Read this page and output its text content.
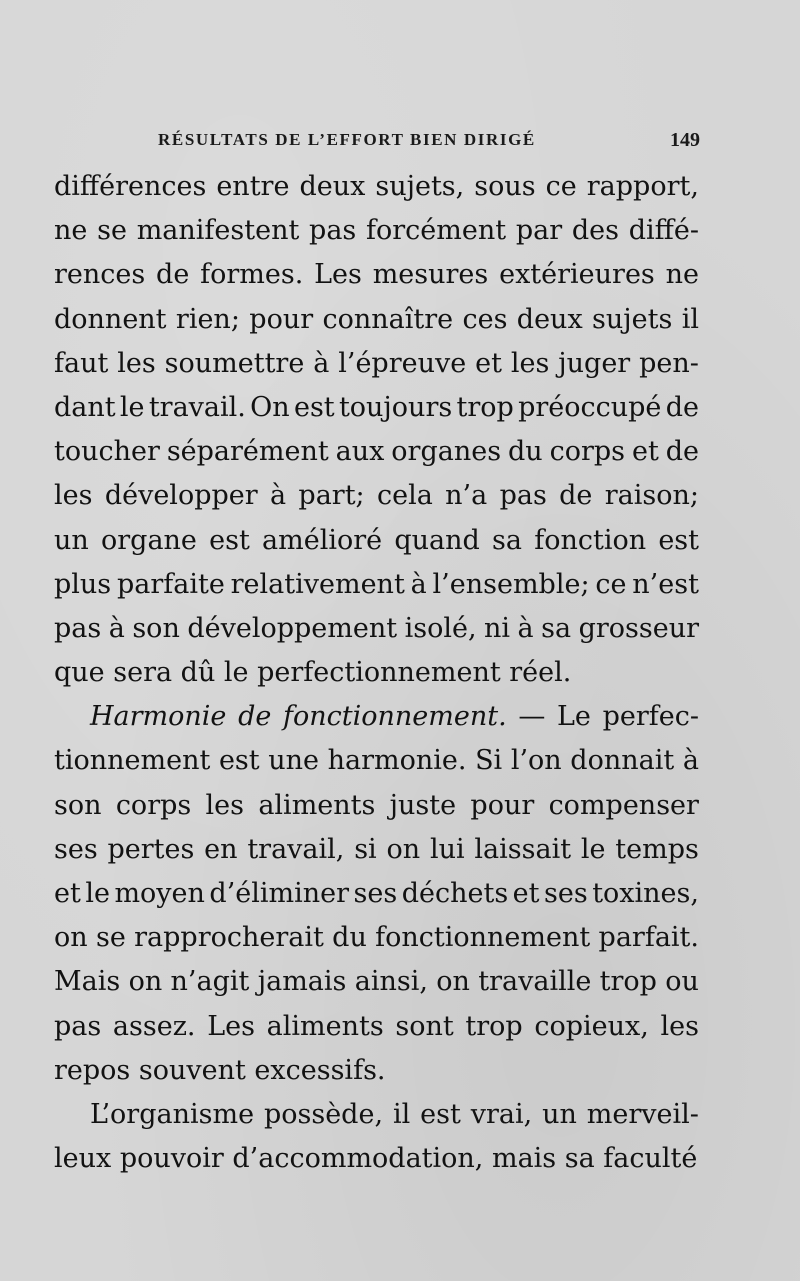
RÉSULTATS DE L’EFFORT BIEN DIRIGÉ	149
différences entre deux sujets, sous ce rapport,
ne se manifestent pas forcément par des diffé-
rences de formes. Les mesures extérieures ne
donnent rien; pour connaître ces deux sujets il
faut les soumettre à l’épreuve et les juger pen-
dant le travail. On est toujours trop préoccupé de
toucher séparément aux organes du corps et de
les développer à part; cela n’a pas de raison;
un organe est amélioré quand sa fonction est
plus parfaite relativement à l’ensemble; ce n’est
pas à son développement isolé, ni à sa grosseur
que sera dû le perfectionnement réel.
Harmonie de fonctionnement. — Le perfec-
tionnement est une harmonie. Si l’on donnait à
son corps les aliments juste pour compenser
ses pertes en travail, si on lui laissait le temps
et le moyen d’éliminer ses déchets et ses toxines,
on se rapprocherait du fonctionnement parfait.
Mais on n’agit jamais ainsi, on travaille trop ou
pas assez. Les aliments sont trop copieux, les
repos souvent excessifs.
L’organisme possède, il est vrai, un merveil-
leux pouvoir d’accommodation, mais sa faculté
